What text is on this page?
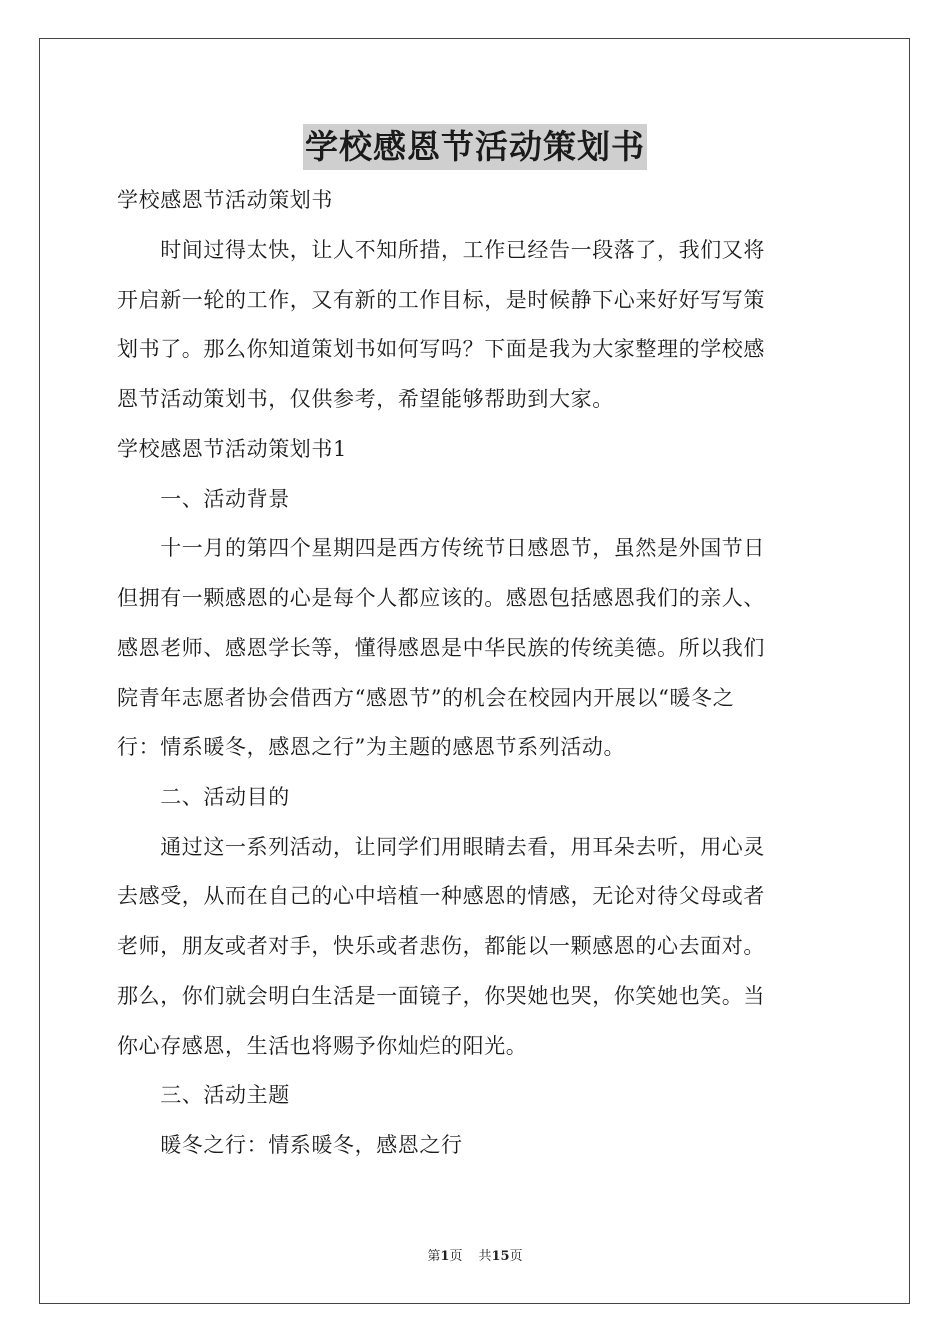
学校感恩节活动策划书
学校感恩节活动策划书
　　时间过得太快，让人不知所措，工作已经告一段落了，我们又将
开启新一轮的工作，又有新的工作目标，是时候静下心来好好写写策
划书了。那么你知道策划书如何写吗？下面是我为大家整理的学校感
恩节活动策划书，仅供参考，希望能够帮助到大家。
学校感恩节活动策划书1
　　一、活动背景
　　十一月的第四个星期四是西方传统节日感恩节，虽然是外国节日
但拥有一颗感恩的心是每个人都应该的。感恩包括感恩我们的亲人、
感恩老师、感恩学长等，懂得感恩是中华民族的传统美德。所以我们
院青年志愿者协会借西方“感恩节”的机会在校园内开展以“暖冬之
行：情系暖冬，感恩之行”为主题的感恩节系列活动。
　　二、活动目的
　　通过这一系列活动，让同学们用眼睛去看，用耳朵去听，用心灵
去感受，从而在自己的心中培植一种感恩的情感，无论对待父母或者
老师，朋友或者对手，快乐或者悲伤，都能以一颗感恩的心去面对。
那么，你们就会明白生活是一面镜子，你哭她也哭，你笑她也笑。当
你心存感恩，生活也将赐予你灿烂的阳光。
　　三、活动主题
　　暖冬之行：情系暖冬，感恩之行
第1页 共15页
